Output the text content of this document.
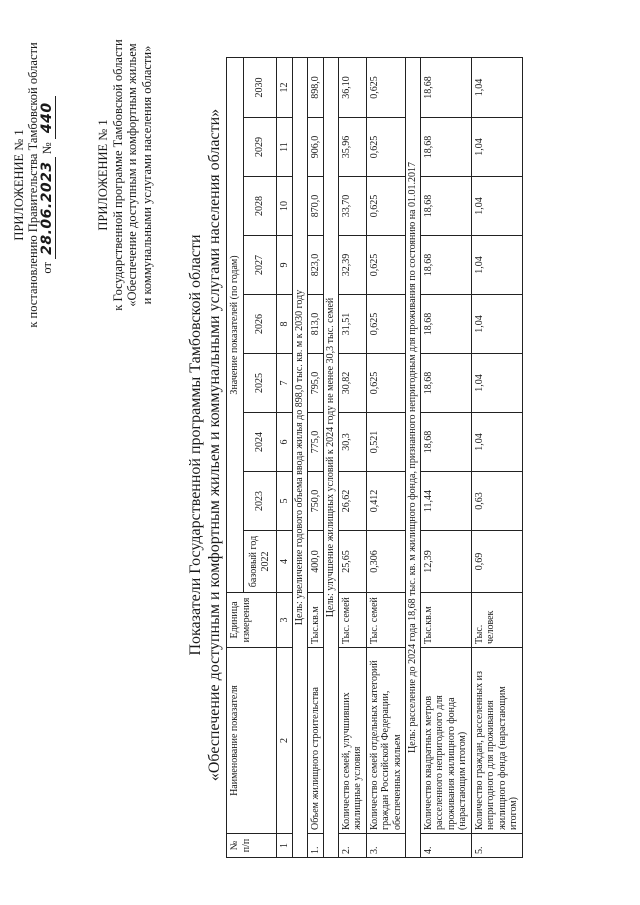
ПРИЛОЖЕНИЕ № 1 к постановлению Правительства Тамбовской области от 28.06.2023 № 440
ПРИЛОЖЕНИЕ № 1 к Государственной программе Тамбовской области «Обеспечение доступным и комфортным жильем и коммунальными услугами населения области»
Показатели Государственной программы Тамбовской области «Обеспечение доступным и комфортным жильем и коммунальными услугами населения области»
№ п/п	Наименование показателя	Единица измерения	Значение показателей (по годам)								
			базовый год 2022	2023	2024	2025	2026	2027	2028	2029	2030
1	2	3	4	5	6	7	8	9	10	11	12
Цель: увеличение годового объема ввода жилья до 898,0 тыс. кв. м к 2030 году											
1.	Объем жилищного строительства	Тыс.кв.м	400,0	750,0	775,0	795,0	813,0	823,0	870,0	906,0	898,0
Цель: улучшение жилищных условий к 2024 году не менее 30,3 тыс. семей											
2.	Количество семей, улучшивших жилищные условия	Тыс. семей	25,65	26,62	30,3	30,82	31,51	32,39	33,70	35,96	36,10
3.	Количество семей отдельных категорий граждан Российской Федерации, обеспеченных жильем	Тыс. семей	0,306	0,412	0,521	0,625	0,625	0,625	0,625	0,625	0,625
Цель: расселение до 2024 года 18,68 тыс. кв. м жилищного фонда, признанного непригодным для проживания по состоянию на 01.01.2017											
4.	Количество квадратных метров расселенного непригодного для проживания жилищного фонда (нарастающим итогом)	Тыс.кв.м	12,39	11,44	18,68	18,68	18,68	18,68	18,68	18,68	18,68
5.	Количество граждан, расселенных из непригодного для проживания жилищного фонда (нарастающим итогом)	Тыс. человек	0,69	0,63	1,04	1,04	1,04	1,04	1,04	1,04	1,04
